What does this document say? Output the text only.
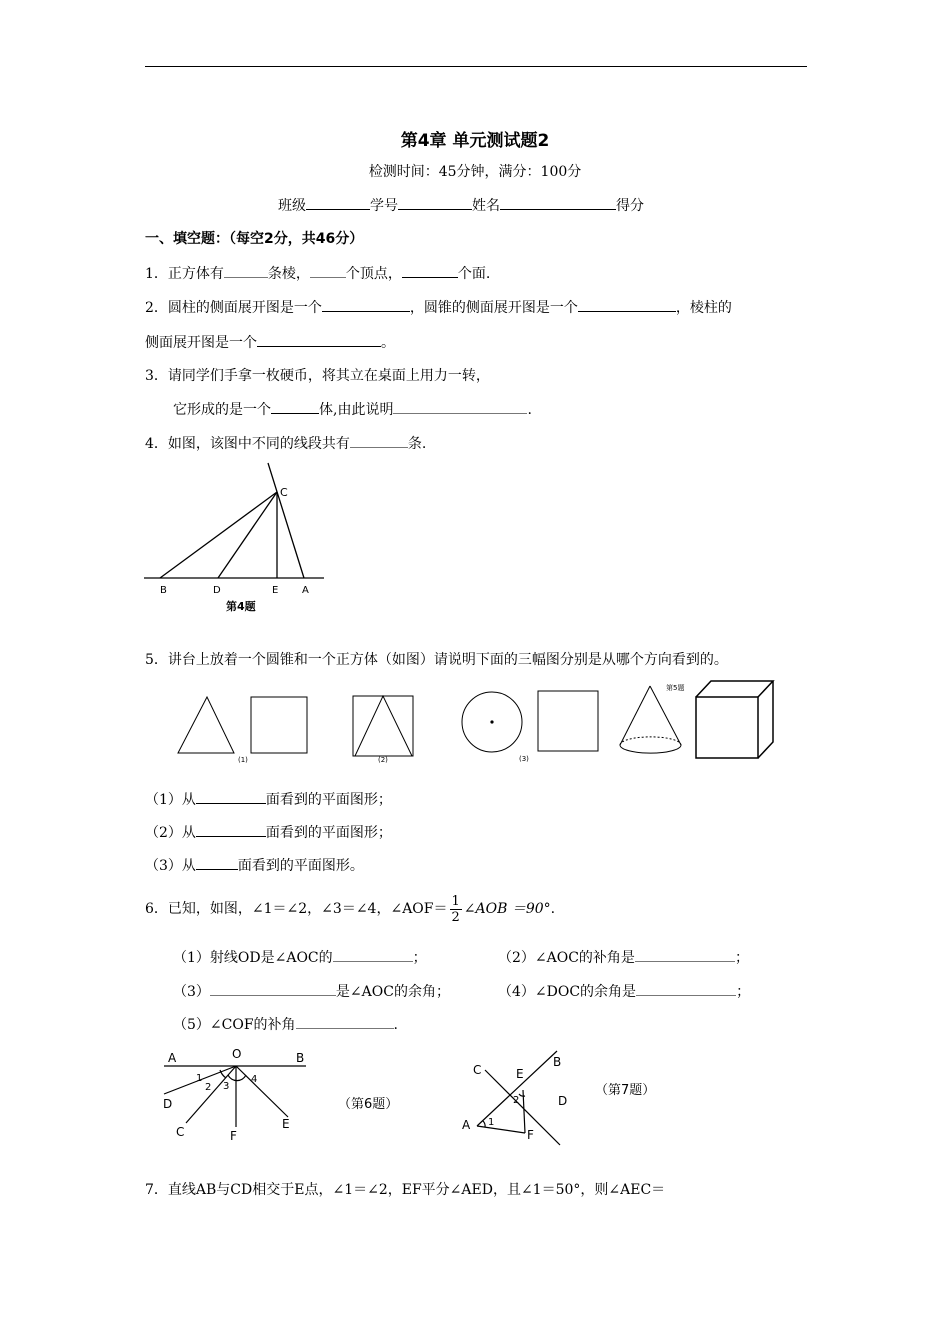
第4章 单元测试题2
检测时间：45分钟，满分：100分
班级	学号	姓名	得分
一、填空题：（每空2分，共46分）
1．正方体有	条棱，	个顶点，	个面.
2．圆柱的侧面展开图是一个	，圆锥的侧面展开图是一个	，棱柱的
侧面展开图是一个	。
3．请同学们手拿一枚硬币，将其立在桌面上用力一转，
它形成的是一个	体,由此说明	.
4．如图，该图中不同的线段共有	条.
C
B	D	E A
第4题
5．讲台上放着一个圆锥和一个正方体（如图）请说明下面的三幅图分别是从哪个方向看到的。
(1)	(2)	(3)
第5题
（1）从	面看到的平面图形；
（2）从	面看到的平面图形；
（3）从	面看到的平面图形。
6．已知，如图，∠1＝∠2，∠3＝∠4，∠AOF＝ $\frac{1}{2}$ ∠AOB ＝90°.
（1）射线OD是∠AOC的	；	（2）∠AOC的补角是	；
（3）	是∠AOC的余角；	（4）∠DOC的余角是	；
（5）∠COF的补角	.
A	O	B
D
C	F
E
1
2 3
4
（第6题）
C
B
E
D
A
F
1
2
（第7题）
7．直线AB与CD相交于E点，∠1＝∠2，EF平分∠AED，且∠1＝50°，则∠AEC＝
